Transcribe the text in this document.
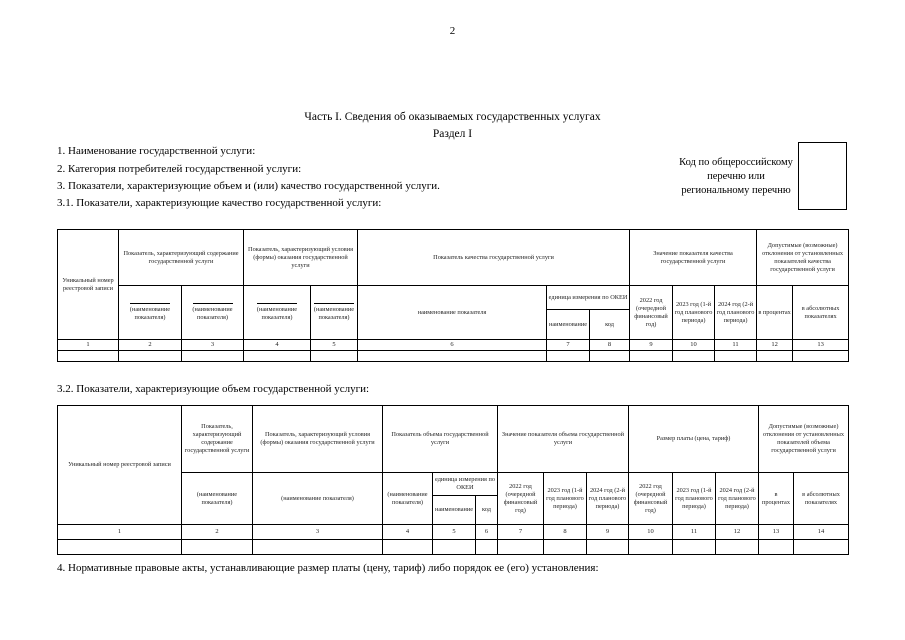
2
Часть I. Сведения об оказываемых государственных услугах
Раздел I
1. Наименование государственной услуги:
2. Категория потребителей государственной услуги:
3. Показатели, характеризующие объем и (или) качество государственной услуги.
3.1. Показатели, характеризующие качество государственной услуги:
Код по общероссийскому
перечню или
региональному перечню
Уникальный номер реестровой записи	Показатель, характеризующий содержание государственной услуги		Показатель, характеризующий условия (формы) оказания государственной услуги		Показатель качества государственной услуги			Значение показателя качества государственной услуги			Допустимые (возможные) отклонения от установленных показателей качества государственной услуги	

(наименование показателя)	(наименование показателя)	(наименование показателя)	(наименование показателя)	наименование показателя	единица измерения по ОКЕИ		2022 год (очередной финансовый год)	2023 год (1-й год планового периода)	2024 год (2-й год планового периода)	в процентах	в абсолютных показателях
						наименование	код					
1	2	3	4	5	6	7	8	9	10	11	12	13

3.2. Показатели, характеризующие объем государственной услуги:
Уникальный номер реестровой записи	Показатель, характеризующий содержание государственной услуги	Показатель, характеризующий условия (формы) оказания государственной услуги	Показатель объема государственной услуги			Значение показателя объема государственной услуги			Размер платы (цена, тариф)			Допустимые (возможные) отклонения от установленных показателей объема государственной услуги	
	(наименование показателя)	(наименование показателя)	(наименование показателя)	единица измерения по ОКЕИ		2022 год (очередной финансовый год)	2023 год (1-й год планового периода)	2024 год (2-й год планового периода)	2022 год (очередной финансовый год)	2023 год (1-й год планового периода)	2024 год (2-й год планового периода)	в процентах	в абсолютных показателях
				наименование	код								
1	2	3	4	5	6	7	8	9	10	11	12	13	14

4. Нормативные правовые акты, устанавливающие размер платы (цену, тариф) либо порядок ее (его) установления:
